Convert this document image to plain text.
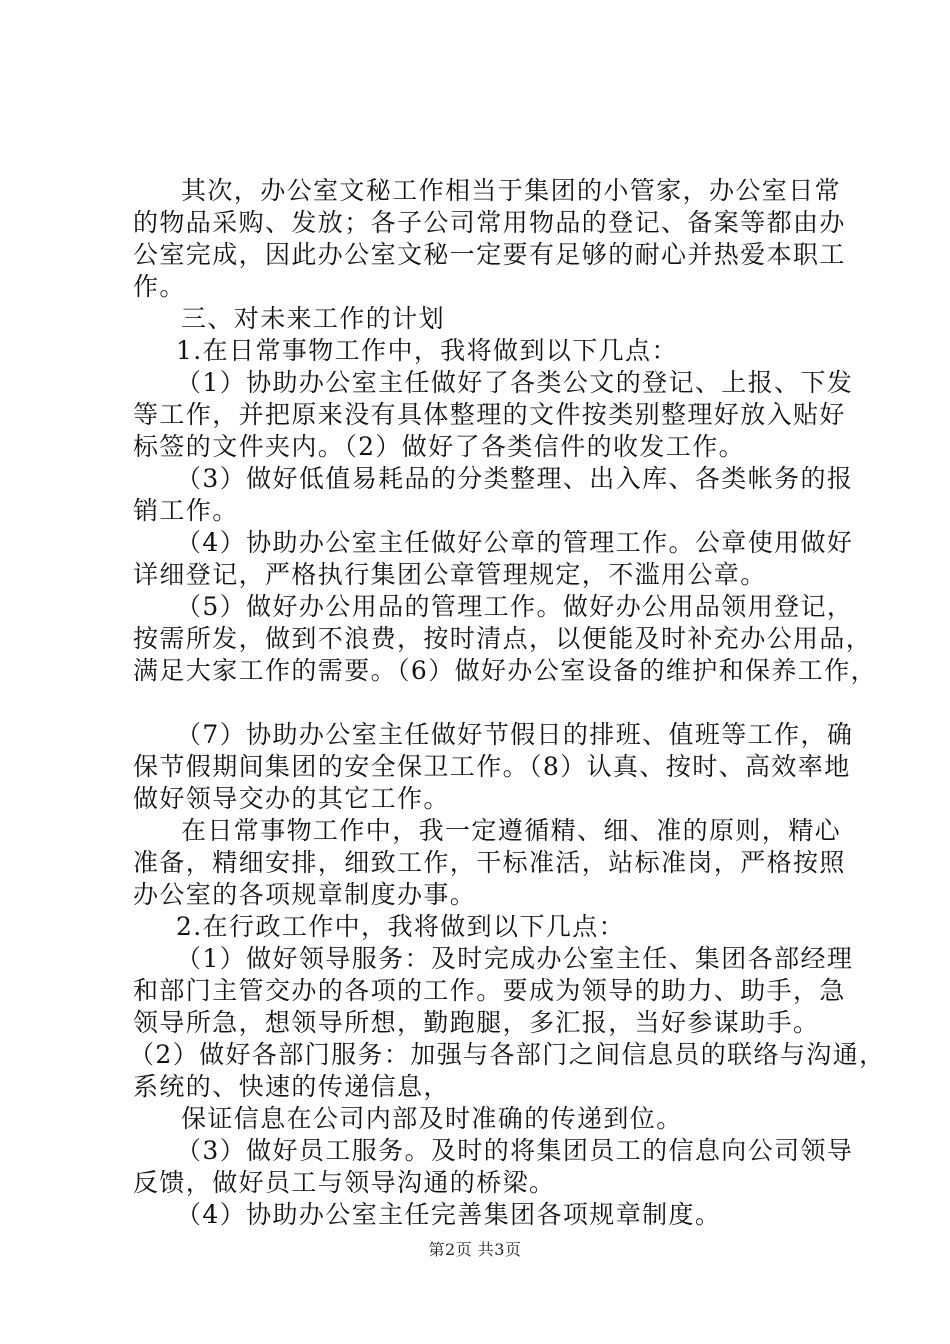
其次，办公室文秘工作相当于集团的小管家，办公室日常
的物品采购、发放；各子公司常用物品的登记、备案等都由办
公室完成，因此办公室文秘一定要有足够的耐心并热爱本职工
作。
三、对未来工作的计划
1.在日常事物工作中，我将做到以下几点：
（1）协助办公室主任做好了各类公文的登记、上报、下发
等工作，并把原来没有具体整理的文件按类别整理好放入贴好
标签的文件夹内。（2）做好了各类信件的收发工作。
（3）做好低值易耗品的分类整理、出入库、各类帐务的报
销工作。
（4）协助办公室主任做好公章的管理工作。公章使用做好
详细登记，严格执行集团公章管理规定，不滥用公章。
（5）做好办公用品的管理工作。做好办公用品领用登记，
按需所发，做到不浪费，按时清点，以便能及时补充办公用品，
满足大家工作的需要。（6）做好办公室设备的维护和保养工作，
（7）协助办公室主任做好节假日的排班、值班等工作，确
保节假期间集团的安全保卫工作。（8）认真、按时、高效率地
做好领导交办的其它工作。
在日常事物工作中，我一定遵循精、细、准的原则，精心
准备，精细安排，细致工作，干标准活，站标准岗，严格按照
办公室的各项规章制度办事。
2.在行政工作中，我将做到以下几点：
（1）做好领导服务：及时完成办公室主任、集团各部经理
和部门主管交办的各项的工作。要成为领导的助力、助手，急
领导所急，想领导所想，勤跑腿，多汇报，当好参谋助手。
（2）做好各部门服务：加强与各部门之间信息员的联络与沟通，
系统的、快速的传递信息，
保证信息在公司内部及时准确的传递到位。
（3）做好员工服务。及时的将集团员工的信息向公司领导
反馈，做好员工与领导沟通的桥梁。
（4）协助办公室主任完善集团各项规章制度。
第2页 共3页
